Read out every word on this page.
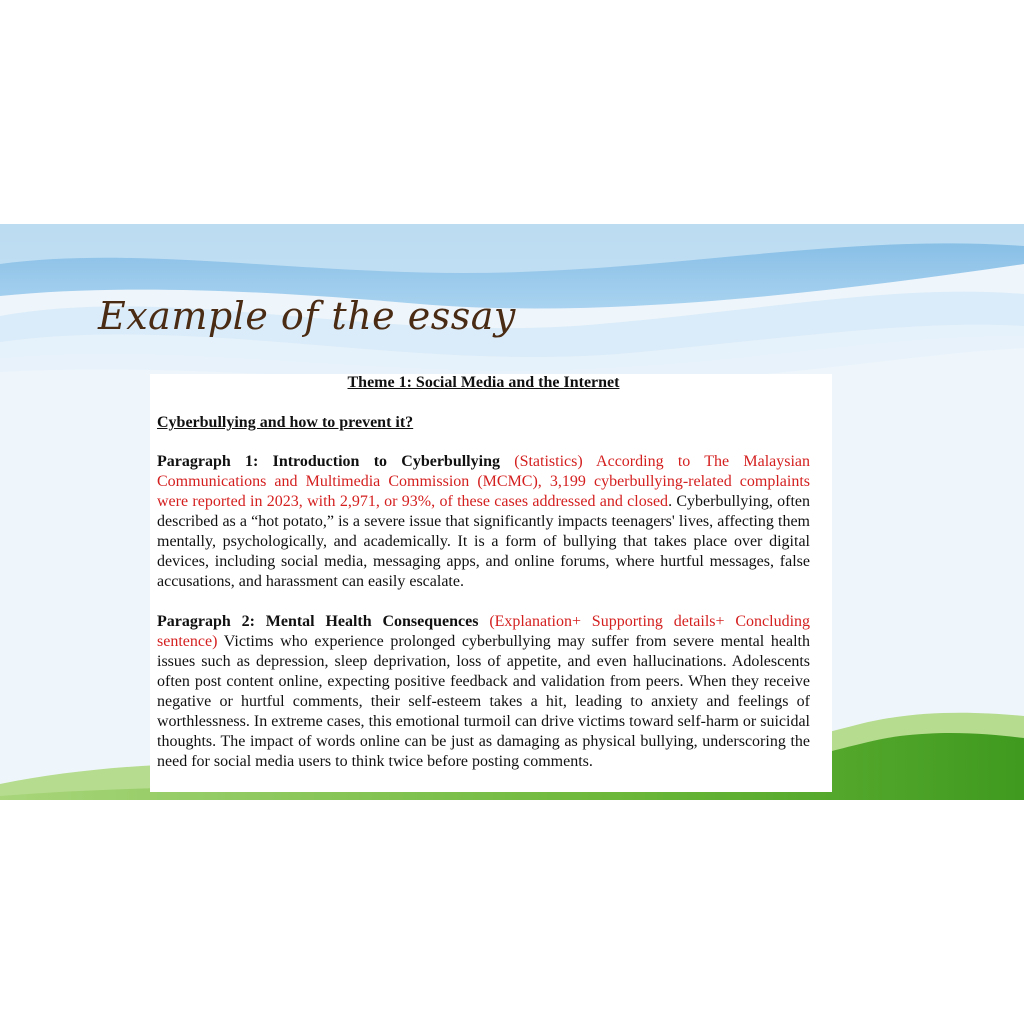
Example of the essay

Theme 1: Social Media and the Internet

Cyberbullying and how to prevent it?

Paragraph 1: Introduction to Cyberbullying (Statistics) According to The Malaysian Communications and Multimedia Commission (MCMC), 3,199 cyberbullying-related complaints were reported in 2023, with 2,971, or 93%, of these cases addressed and closed. Cyberbullying, often described as a “hot potato,” is a severe issue that significantly impacts teenagers' lives, affecting them mentally, psychologically, and academically. It is a form of bullying that takes place over digital devices, including social media, messaging apps, and online forums, where hurtful messages, false accusations, and harassment can easily escalate.

Paragraph 2: Mental Health Consequences (Explanation+ Supporting details+ Concluding sentence) Victims who experience prolonged cyberbullying may suffer from severe mental health issues such as depression, sleep deprivation, loss of appetite, and even hallucinations. Adolescents often post content online, expecting positive feedback and validation from peers. When they receive negative or hurtful comments, their self-esteem takes a hit, leading to anxiety and feelings of worthlessness. In extreme cases, this emotional turmoil can drive victims toward self-harm or suicidal thoughts. The impact of words online can be just as damaging as physical bullying, underscoring the need for social media users to think twice before posting comments.
